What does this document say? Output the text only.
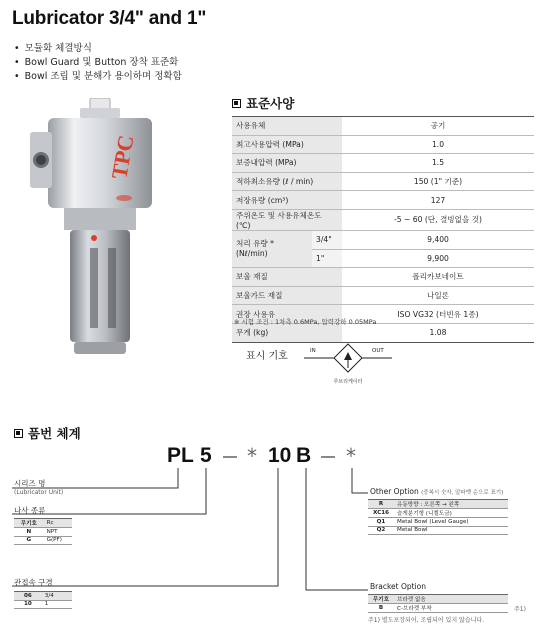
Lubricator 3/4" and 1"
• 모듈화 체결방식
• Bowl Guard 및 Button 장착 표준화
• Bowl 조립 및 분해가 용이하며 정확함
TPC
표준사양
사용유체		공기
최고사용압력 (MPa)		1.0
보증내압력 (MPa)		1.5
적하최소유량 (ℓ / min)		150 (1" 기준)
저장유량 (cm³)		127
주위온도 및 사용유체온도 (℃)		-5 ~ 60 (단, 결빙없을 것)
처리 유량 *
(Nℓ/min)	3/4"	9,400
	1"	9,900
보울 재질		폴리카보네이트
보울가드 재질		나일론
권장 사용유		ISO VG32 (터빈유 1종)
무게 (kg)		1.08
※ 시험 조건 : 1차측 0.6MPa, 압력강하 0.05MPa
표시 기호	IN	OUT
루브리케이터
품번 체계
PL 5 * 10 B *
시리즈 명
(Lubricator Unit)
나사 종류
무기호	Rc
N	NPT
G	G(PF)
관접속 구경
06	3/4
10	1
Other Option (중복시 숫자, 알파벳 순으로 표기)
R	유동방향 : 오른쪽 → 왼쪽
XC16	슬게분기형 (니켈도금)
Q1	Metal Bowl (Level Gauge)
Q2	Metal Bowl
Bracket Option
무기호	브라켓 없음
B	C-브라켓 부착	주1)
주1) 별도포장되어, 조립되어 있지 않습니다.
